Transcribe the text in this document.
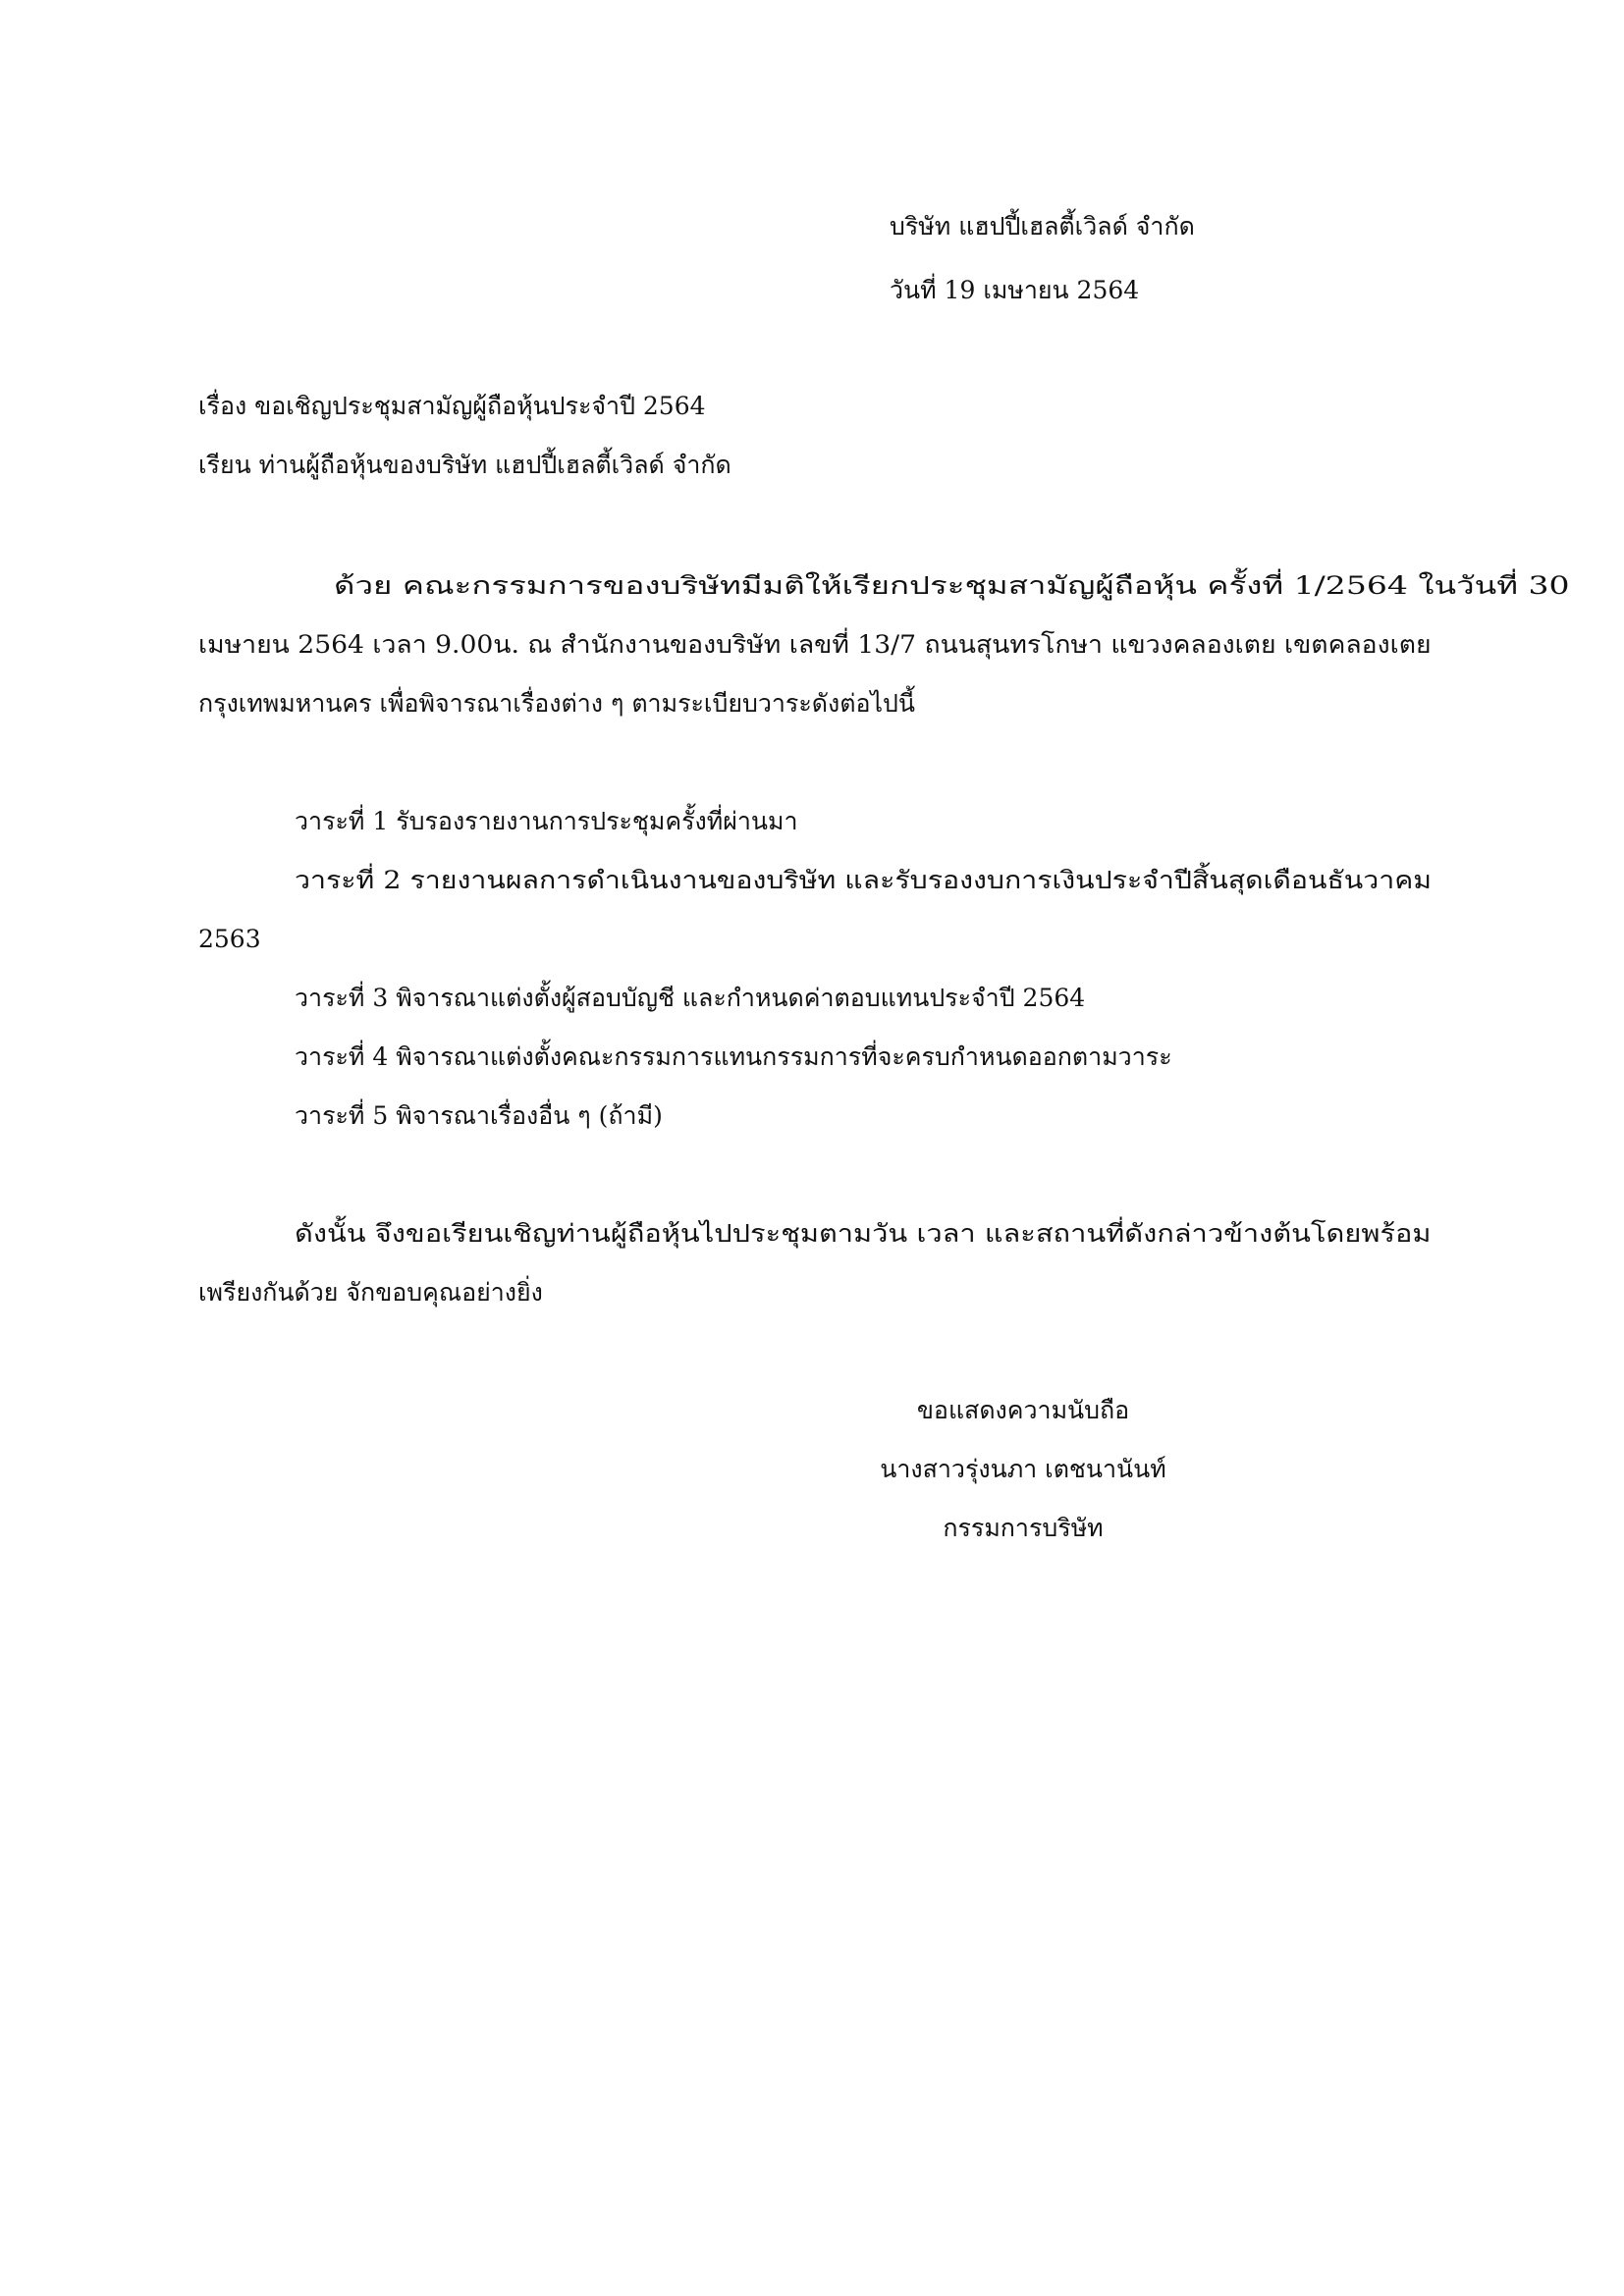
บริษัท แฮปปี้เฮลตี้เวิลด์ จำกัด
วันที่ 19 เมษายน 2564
เรื่อง ขอเชิญประชุมสามัญผู้ถือหุ้นประจำปี 2564
เรียน ท่านผู้ถือหุ้นของบริษัท แฮปปี้เฮลตี้เวิลด์ จำกัด
ด้วย คณะกรรมการของบริษัทมีมติให้เรียกประชุมสามัญผู้ถือหุ้น ครั้งที่ 1/2564 ในวันที่ 30
เมษายน 2564 เวลา 9.00น. ณ สำนักงานของบริษัท เลขที่ 13/7 ถนนสุนทรโกษา แขวงคลองเตย เขตคลองเตย
กรุงเทพมหานคร เพื่อพิจารณาเรื่องต่าง ๆ ตามระเบียบวาระดังต่อไปนี้
วาระที่ 1 รับรองรายงานการประชุมครั้งที่ผ่านมา
วาระที่ 2 รายงานผลการดำเนินงานของบริษัท และรับรองงบการเงินประจำปีสิ้นสุดเดือนธันวาคม
2563
วาระที่ 3 พิจารณาแต่งตั้งผู้สอบบัญชี และกำหนดค่าตอบแทนประจำปี 2564
วาระที่ 4 พิจารณาแต่งตั้งคณะกรรมการแทนกรรมการที่จะครบกำหนดออกตามวาระ
วาระที่ 5 พิจารณาเรื่องอื่น ๆ (ถ้ามี)
ดังนั้น จึงขอเรียนเชิญท่านผู้ถือหุ้นไปประชุมตามวัน เวลา และสถานที่ดังกล่าวข้างต้นโดยพร้อม
เพรียงกันด้วย จักขอบคุณอย่างยิ่ง
ขอแสดงความนับถือ
นางสาวรุ่งนภา เตชนานันท์
กรรมการบริษัท
